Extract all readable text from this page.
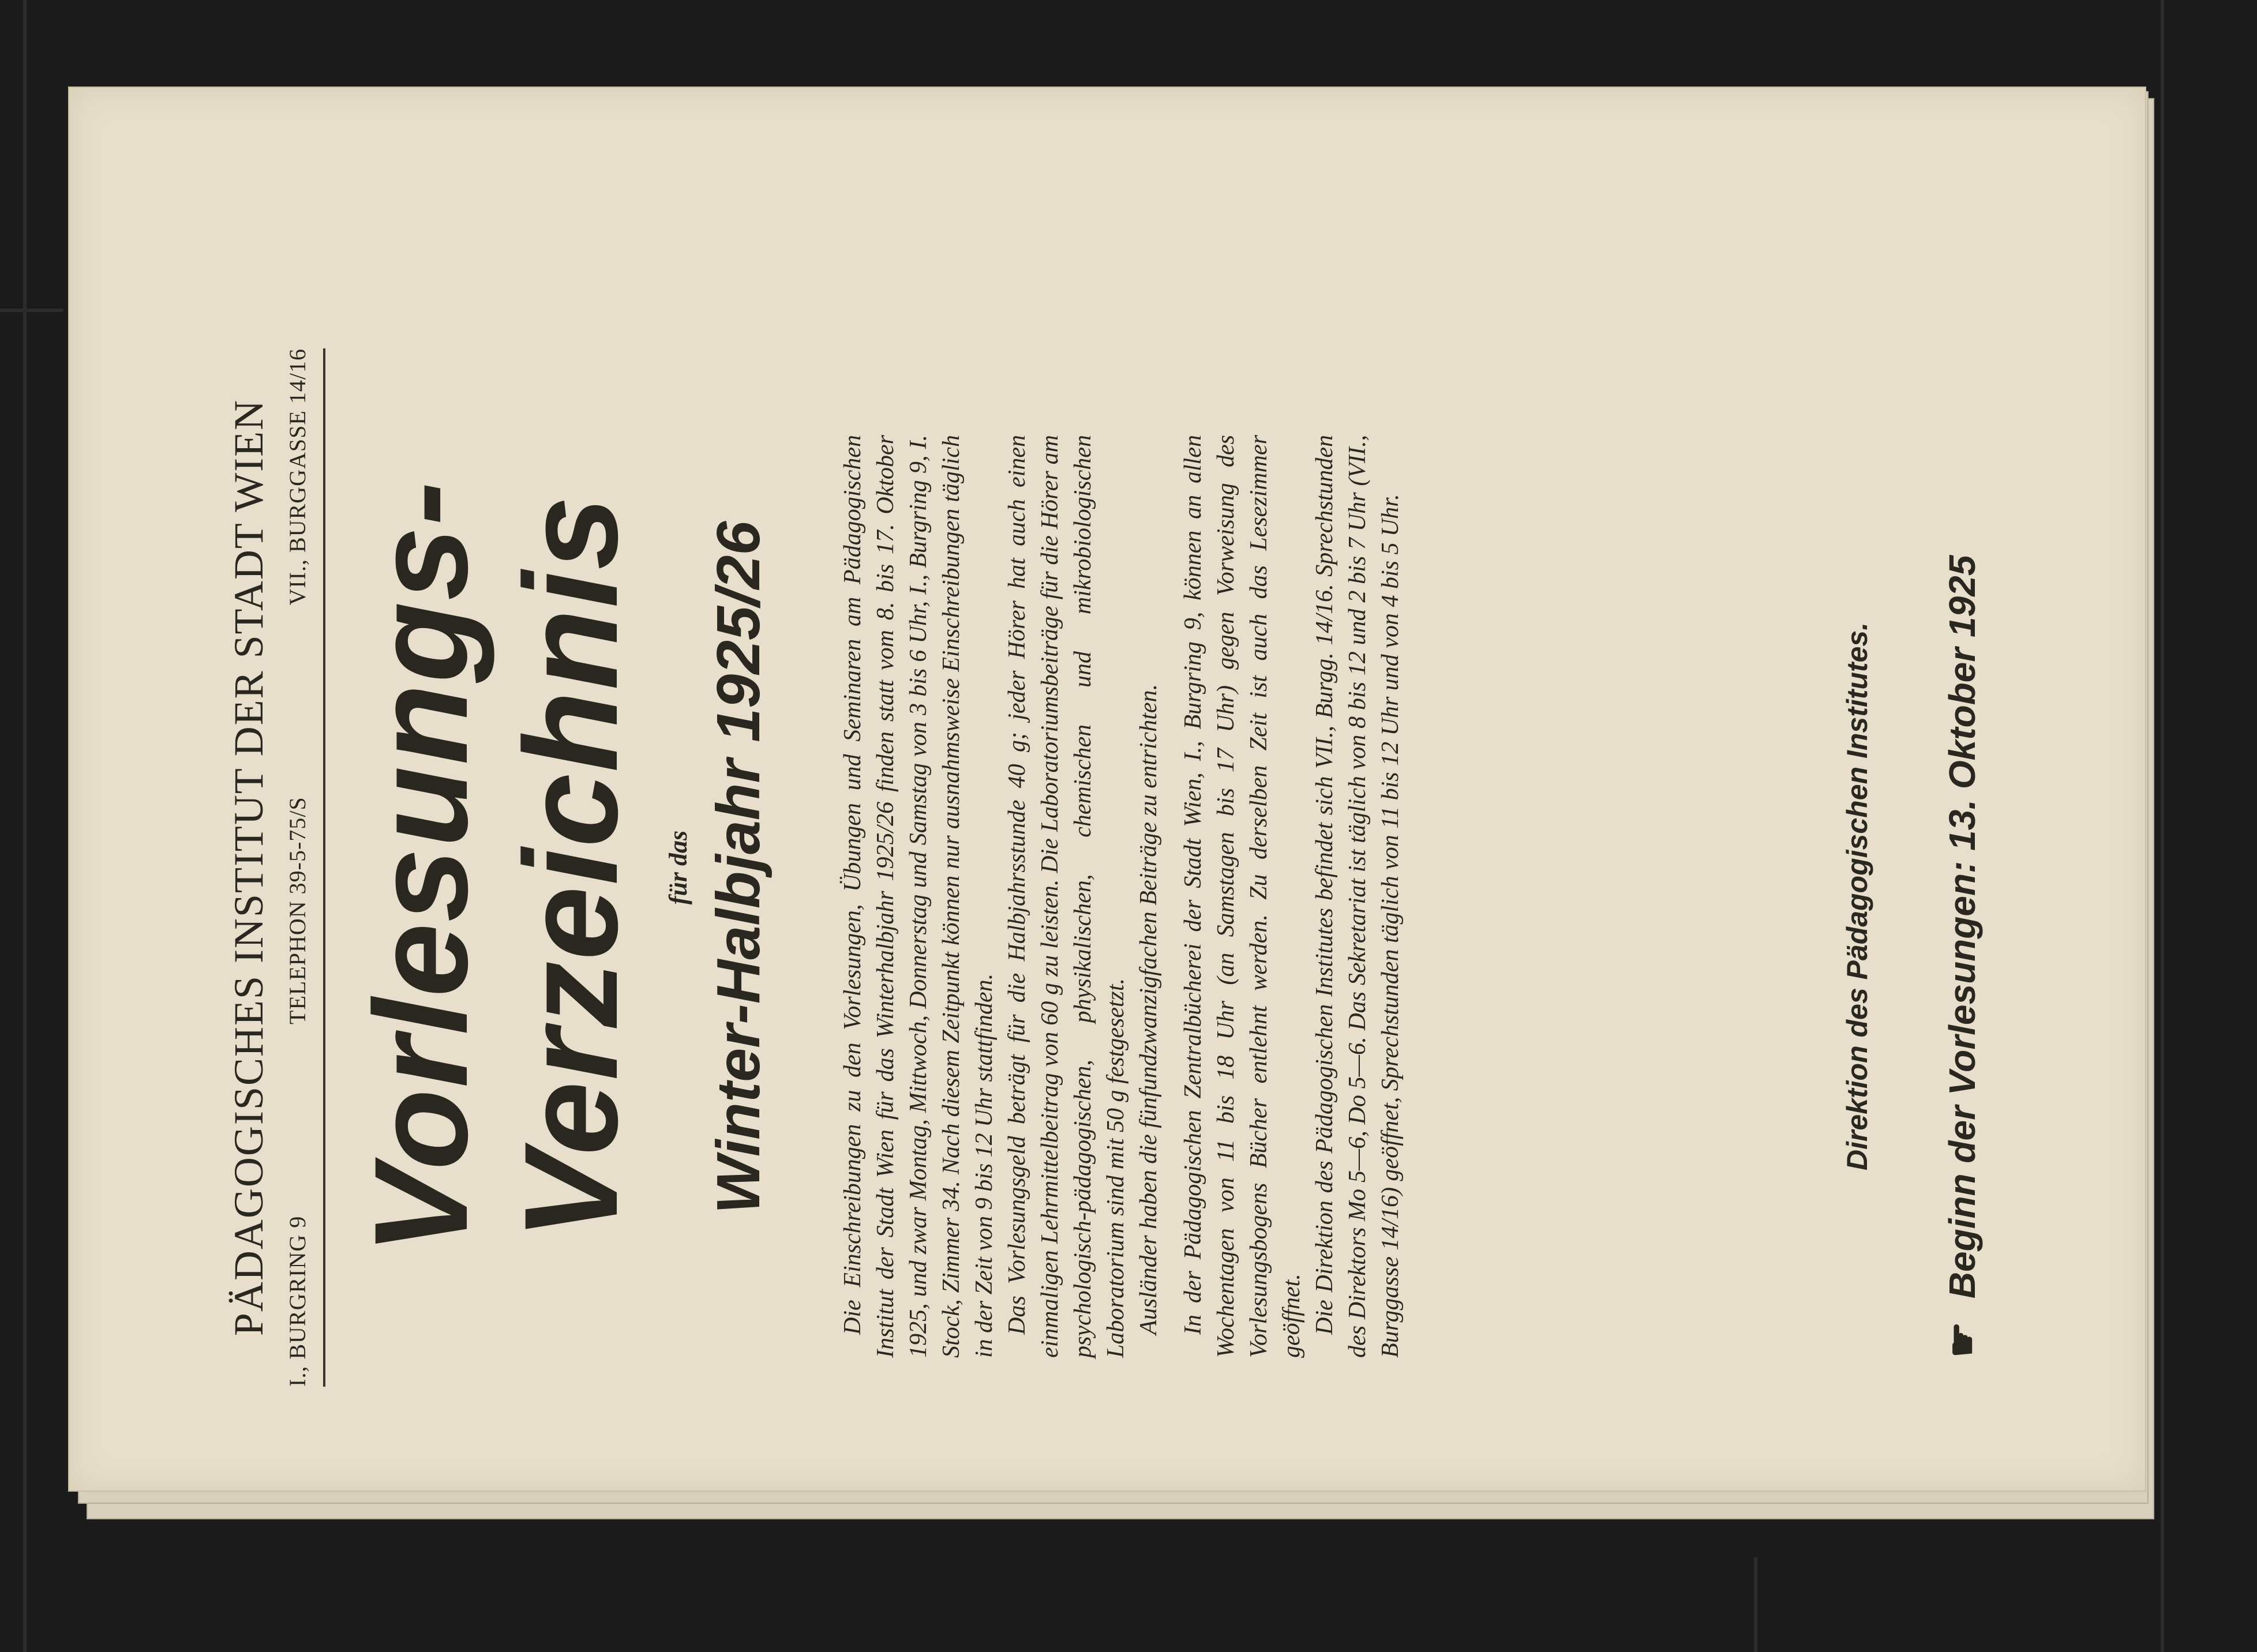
PÄDAGOGISCHES INSTITUT DER STADT WIEN I., BURGRING 9
TELEPHON 39-5-75/S
VII., BURGGASSE 14/16
Vorlesungs- Verzeichnis für das Winter-Halbjahr 1925/26	Die Einschreibungen zu den Vorlesungen, Übungen und Seminaren am Pädagogischen Institut der Stadt Wien für das Winterhalbjahr 1925/26 finden statt vom 8. bis 17. Oktober 1925, und zwar Montag, Mittwoch, Donnerstag und Samstag von 3 bis 6 Uhr, I., Burgring 9, I. Stock, Zimmer 34. Nach diesem Zeitpunkt können nur ausnahmsweise Einschreibungen täglich in der Zeit von 9 bis 12 Uhr stattfinden. Das Vorlesungsgeld beträgt für die Halbjahrsstunde 40 g; jeder Hörer hat auch einen einmaligen Lehrmittelbeitrag von 60 g zu leisten. Die Laboratoriumsbeiträge für die Hörer am psychologisch-pädagogischen, physikalischen, chemischen und mikrobiologischen Laboratorium sind mit 50 g festgesetzt. Ausländer haben die fünfundzwanzigfachen Beiträge zu entrichten. In der Pädagogischen Zentralbücherei der Stadt Wien, I., Burgring 9, können an allen Wochentagen von 11 bis 18 Uhr (an Samstagen bis 17 Uhr) gegen Vorweisung des Vorlesungsbogens Bücher entlehnt werden. Zu derselben Zeit ist auch das Lesezimmer geöffnet. Die Direktion des Pädagogischen Institutes befindet sich VII., Burgg. 14/16. Sprechstunden des Direktors Mo 5—6, Do 5—6. Das Sekretariat ist täglich von 8 bis 12 und 2 bis 7 Uhr (VII., Burggasse 14/16) geöffnet, Sprechstunden täglich von 11 bis 12 Uhr und von 4 bis 5 Uhr.	Direktion des Pädagogischen Institutes.
☛
Beginn der Vorlesungen: 13. Oktober 1925
